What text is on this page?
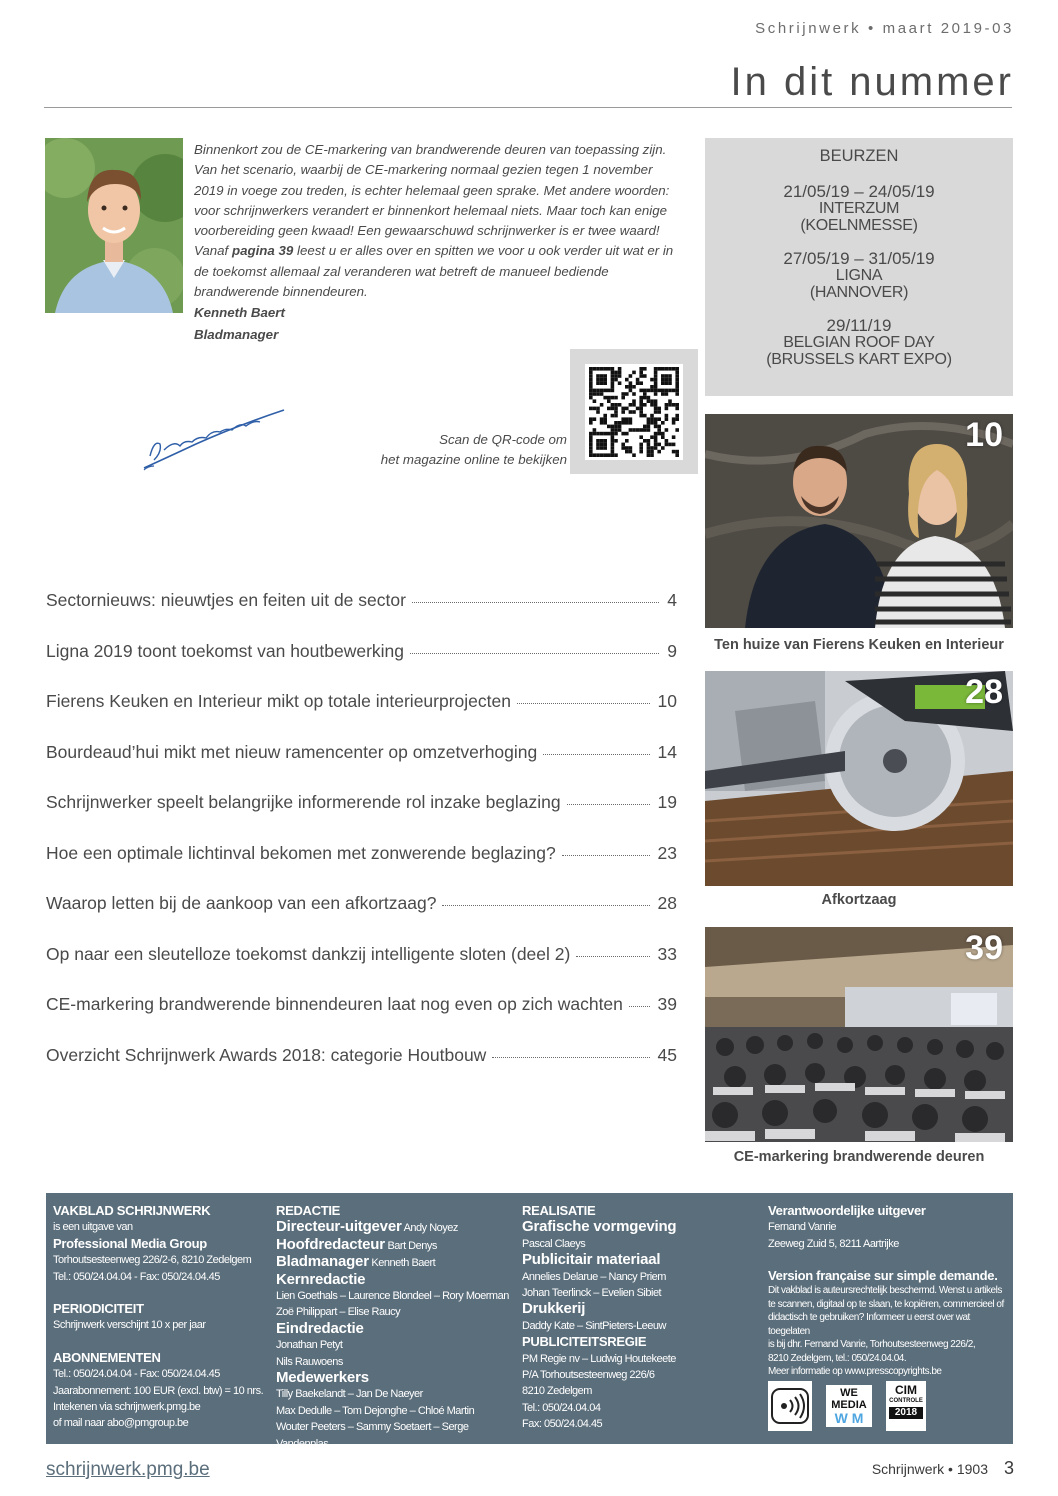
Schrijnwerk • maart 2019-03
In dit nummer
Binnenkort zou de CE-markering van brandwerende deuren van toepassing zijn. Van het scenario, waarbij de CE-markering normaal gezien tegen 1 november 2019 in voege zou treden, is echter helemaal geen sprake. Met andere woorden: voor schrijnwerkers verandert er binnenkort helemaal niets. Maar toch kan enige voorbereiding geen kwaad! Een gewaarschuwd schrijnwerker is er twee waard! Vanaf pagina 39 leest u er alles over en spitten we voor u ook verder uit wat er in de toekomst allemaal zal veranderen wat betreft de manueel bediende brandwerende binnendeuren.
Kenneth Baert
Bladmanager
Scan de QR-code om
het magazine online te bekijken
BEURZEN
21/05/19 – 24/05/19
INTERZUM
(KOELNMESSE)
27/05/19 – 31/05/19
LIGNA
(HANNOVER)
29/11/19
BELGIAN ROOF DAY
(BRUSSELS KART EXPO)
10
Ten huize van Fierens Keuken en Interieur
28
Afkortzaag
39
CE-markering brandwerende deuren
Sectornieuws: nieuwtjes en feiten uit de sector	4
Ligna 2019 toont toekomst van houtbewerking	9
Fierens Keuken en Interieur mikt op totale interieurprojecten	10
Bourdeaud’hui mikt met nieuw ramencenter op omzetverhoging	14
Schrijnwerker speelt belangrijke informerende rol inzake beglazing	19
Hoe een optimale lichtinval bekomen met zonwerende beglazing?	23
Waarop letten bij de aankoop van een afkortzaag?	28
Op naar een sleutelloze toekomst dankzij intelligente sloten (deel 2)	33
CE-markering brandwerende binnendeuren laat nog even op zich wachten 39
Overzicht Schrijnwerk Awards 2018: categorie Houtbouw	45
VAKBLAD SCHRIJNWERK
is een uitgave van
Professional Media Group
Torhoutsesteenweg 226/2-6, 8210 Zedelgem
Tel.: 050/24.04.04 - Fax: 050/24.04.45
PERIODICITEIT
Schrijnwerk verschijnt 10 x per jaar
ABONNEMENTEN
Tel.: 050/24.04.04 - Fax: 050/24.04.45
Jaarabonnement: 100 EUR (excl. btw) = 10 nrs.
Intekenen via schrijnwerk.pmg.be
of mail naar abo@pmgroup.be
REDACTIE
Directeur-uitgever Andy Noyez
Hoofdredacteur Bart Denys
Bladmanager Kenneth Baert
Kernredactie
Lien Goethals – Laurence Blondeel – Rory Moerman
Zoë Philippart – Elise Raucy
Eindredactie
Jonathan Petyt
Nils Rauwoens
Medewerkers
Tilly Baekelandt – Jan De Naeyer
Max Dedulle – Tom Dejonghe – Chloé Martin
Wouter Peeters – Sammy Soetaert – Serge Vandenplas
REALISATIE
Grafische vormgeving
Pascal Claeys
Publicitair materiaal
Annelies Delarue – Nancy Priem
Johan Teerlinck – Evelien Sibiet
Drukkerij
Daddy Kate – SintPieters-Leeuw
PUBLICITEITSREGIE
PM Regie nv – Ludwig Houtekeete
P/A Torhoutsesteenweg 226/6
8210 Zedelgem
Tel.: 050/24.04.04
Fax: 050/24.04.45
Verantwoordelijke uitgever
Fernand Vanrie
Zeeweg Zuid 5, 8211 Aartrijke
Version française sur simple demande.
Dit vakblad is auteursrechtelijk beschermd. Wenst u artikels
te scannen, digitaal op te slaan, te kopiëren, commercieel of
didactisch te gebruiken? Informeer u eerst over wat toegelaten
is bij dhr. Fernand Vanrie, Torhoutsesteenweg 226/2,
8210 Zedelgem, tel.: 050/24.04.04.
Meer informatie op www.presscopyrights.be
WE
MEDIA
W M
CIM
CONTROLE
2018
schrijnwerk.pmg.be	Schrijnwerk • 1903 3
